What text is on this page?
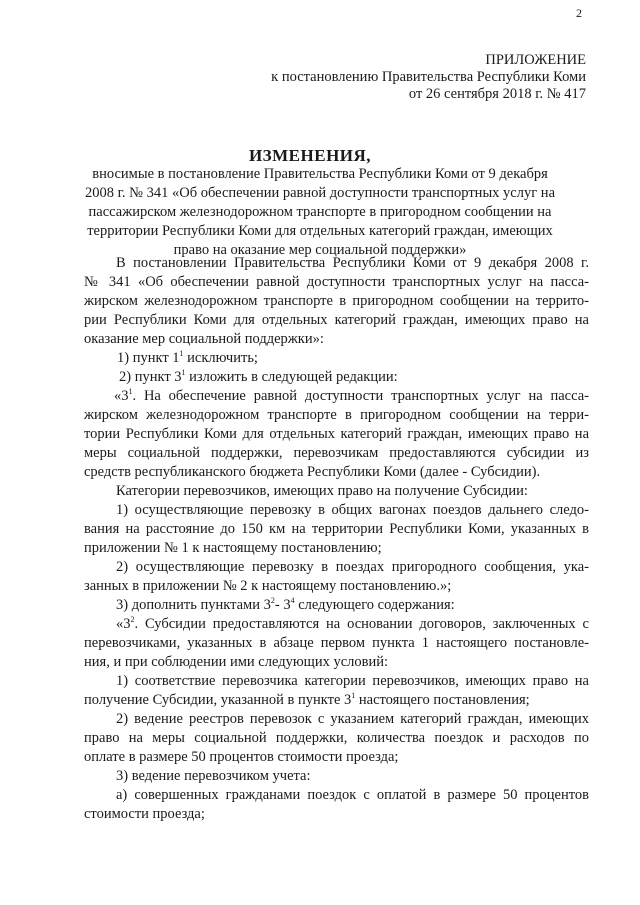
2
ПРИЛОЖЕНИЕ
к постановлению Правительства Республики Коми
от 26 сентября 2018 г. № 417
ИЗМЕНЕНИЯ,
вносимые в постановление Правительства Республики Коми от 9 декабря
2008 г. № 341 «Об обеспечении равной доступности транспортных услуг на
пассажирском железнодорожном транспорте в пригородном сообщении на
территории Республики Коми для отдельных категорий граждан, имеющих
право на оказание мер социальной поддержки»
В постановлении Правительства Республики Коми от 9 декабря 2008 г.
№ 341 «Об обеспечении равной доступности транспортных услуг на пасса-
жирском железнодорожном транспорте в пригородном сообщении на террито-
рии Республики Коми для отдельных категорий граждан, имеющих право на
оказание мер социальной поддержки»:
1) пункт $1^1$ исключить;
2) пункт $3^1$ изложить в следующей редакции:
«$3^1$. На обеспечение равной доступности транспортных услуг на пасса-
жирском железнодорожном транспорте в пригородном сообщении на терри-
тории Республики Коми для отдельных категорий граждан, имеющих право на
меры социальной поддержки, перевозчикам предоставляются субсидии из
средств республиканского бюджета Республики Коми (далее - Субсидии).
Категории перевозчиков, имеющих право на получение Субсидии:
1) осуществляющие перевозку в общих вагонах поездов дальнего следо-
вания на расстояние до 150 км на территории Республики Коми, указанных в
приложении № 1 к настоящему постановлению;
2) осуществляющие перевозку в поездах пригородного сообщения, ука-
занных в приложении № 2 к настоящему постановлению.»;
3) дополнить пунктами $3^2-$ $3^4$ следующего содержания:
«$3^2$. Субсидии предоставляются на основании договоров, заключенных с
перевозчиками, указанных в абзаце первом пункта 1 настоящего постановле-
ния, и при соблюдении ими следующих условий:
1) соответствие перевозчика категории перевозчиков, имеющих право на
получение Субсидии, указанной в пункте $3^1$ настоящего постановления;
2) ведение реестров перевозок с указанием категорий граждан, имеющих
право на меры социальной поддержки, количества поездок и расходов по
оплате в размере 50 процентов стоимости проезда;
3) ведение перевозчиком учета:
а) совершенных гражданами поездок с оплатой в размере 50 процентов
стоимости проезда;
